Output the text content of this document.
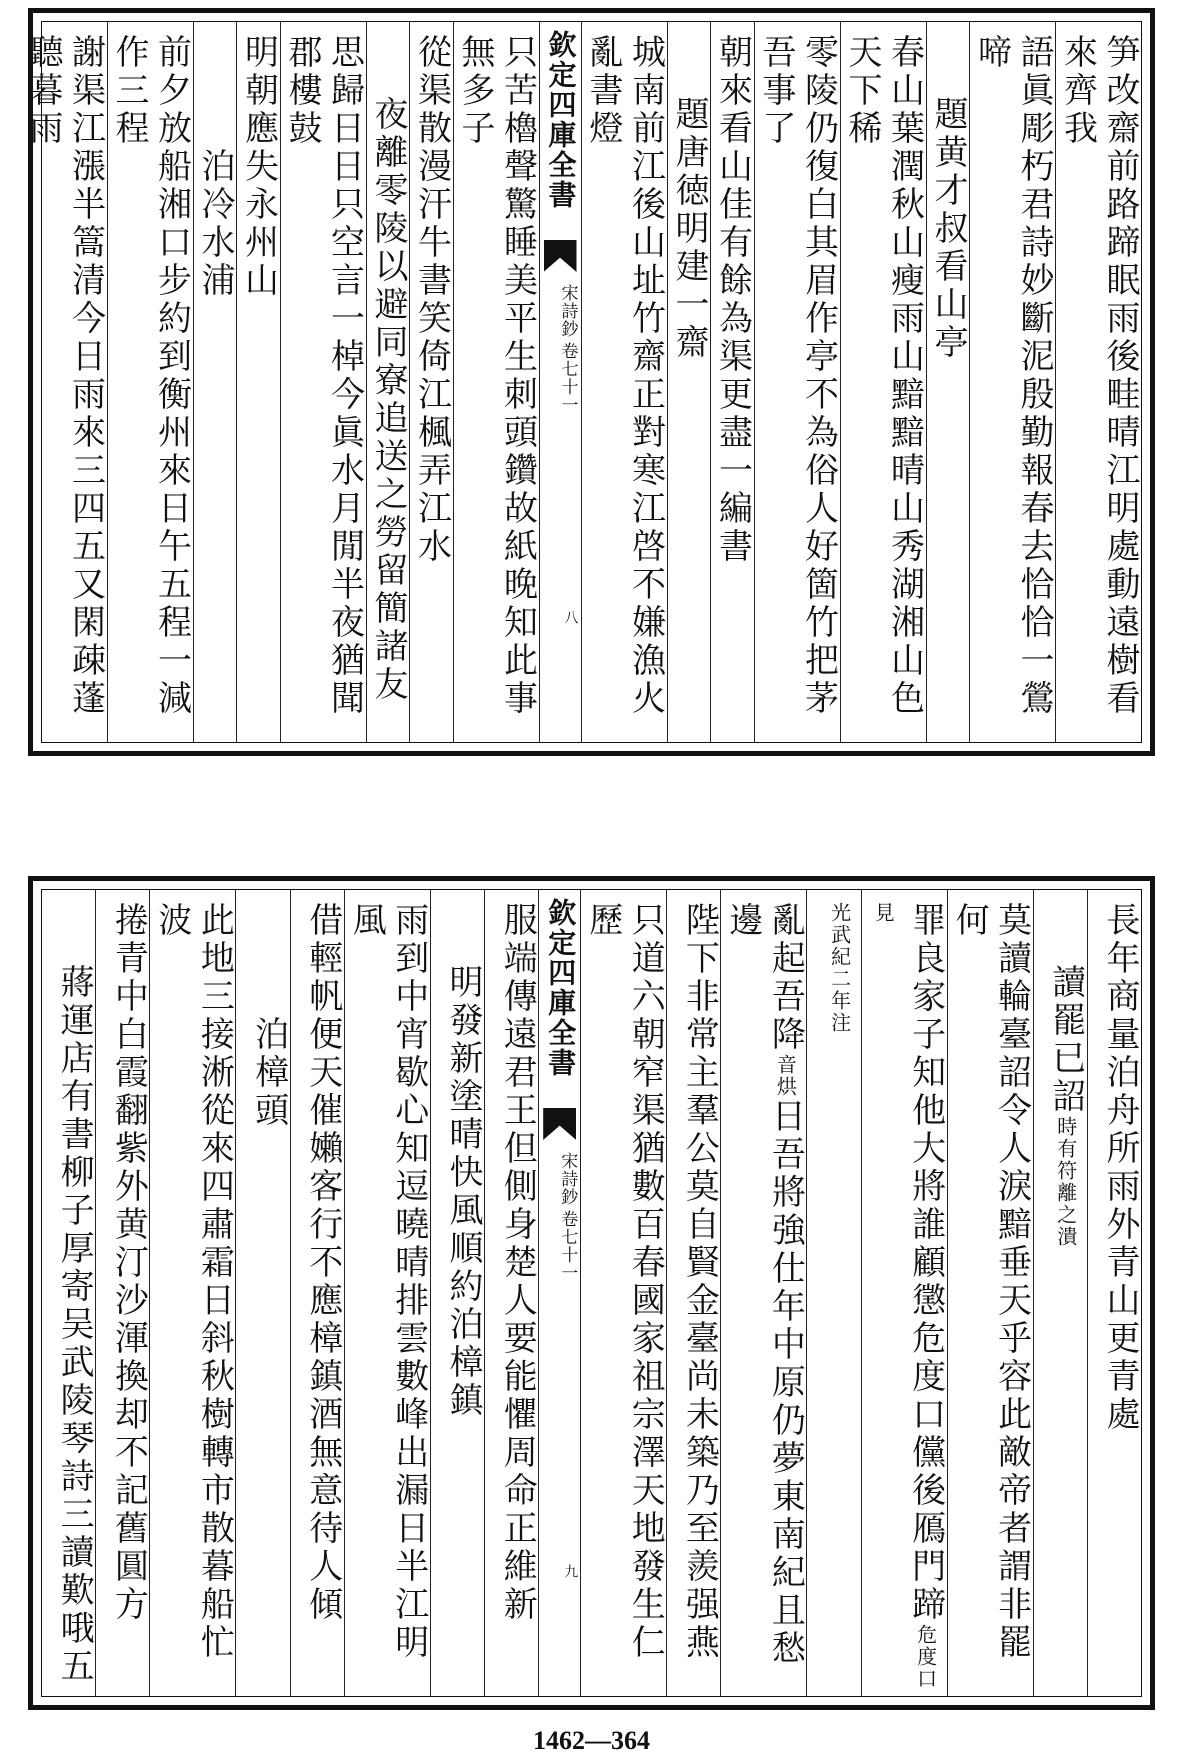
笋改齋前路蹄眠雨後畦晴江明處動遠樹看來齊我
語眞彫朽君詩妙斷泥殷勤報春去恰恰一鶯啼
題黄才叔看山亭
春山葉潤秋山瘦雨山黯黯晴山秀湖湘山色天下稀
零陵仍復白其眉作亭不為俗人好箇竹把茅吾事了
朝來看山佳有餘為渠更盡一編書
題唐徳明建一齋
城南前江後山址竹齋正對寒江啓不嫌漁火亂書燈
欽定四庫全書
宋詩鈔
卷七十一
八
只苦櫓聲驚睡美平生刺頭鑽故紙晚知此事無多子
從渠散漫汗牛書笑倚江楓弄江水
夜離零陵以避同寮追送之勞留簡諸友
思歸日日只空言一棹今眞水月閒半夜猶聞郡樓鼓
明朝應失永州山
泊冷水浦
前夕放船湘口步約到衡州來日午五程一減作三程
謝渠江漲半篙清今日雨來三四五又閑疎蓬聽暮雨
長年商量泊舟所雨外青山更青處
讀罷已詔時有符離之潰
莫讀輪臺詔令人淚黯垂天乎容此敵帝者謂非罷何
罪良家子知他大將誰顧懲危度口儻後鴈門蹄危度口見
光武紀二年注
亂起吾降音烘日吾將強仕年中原仍夢東南紀且愁邊
陛下非常主羣公莫自賢金臺尚未築乃至羨强燕
只道六朝窄渠猶數百春國家祖宗澤天地發生仁歷
欽定四庫全書
宋詩鈔
卷七十一
九
服端傳遠君王但側身楚人要能懼周命正維新
明發新塗晴快風順約泊樟鎮
雨到中宵歇心知逗曉晴排雲數峰出漏日半江明風
借輕帆便天催嬾客行不應樟鎮酒無意待人傾
泊樟頭
此地三接淅從來四肅霜日斜秋樹轉市散暮船忙波
捲青中白霞翻紫外黄汀沙渾換却不記舊圓方
蔣運店有書柳子厚寄吴武陵琴詩三讀歎哦五
1462—364
